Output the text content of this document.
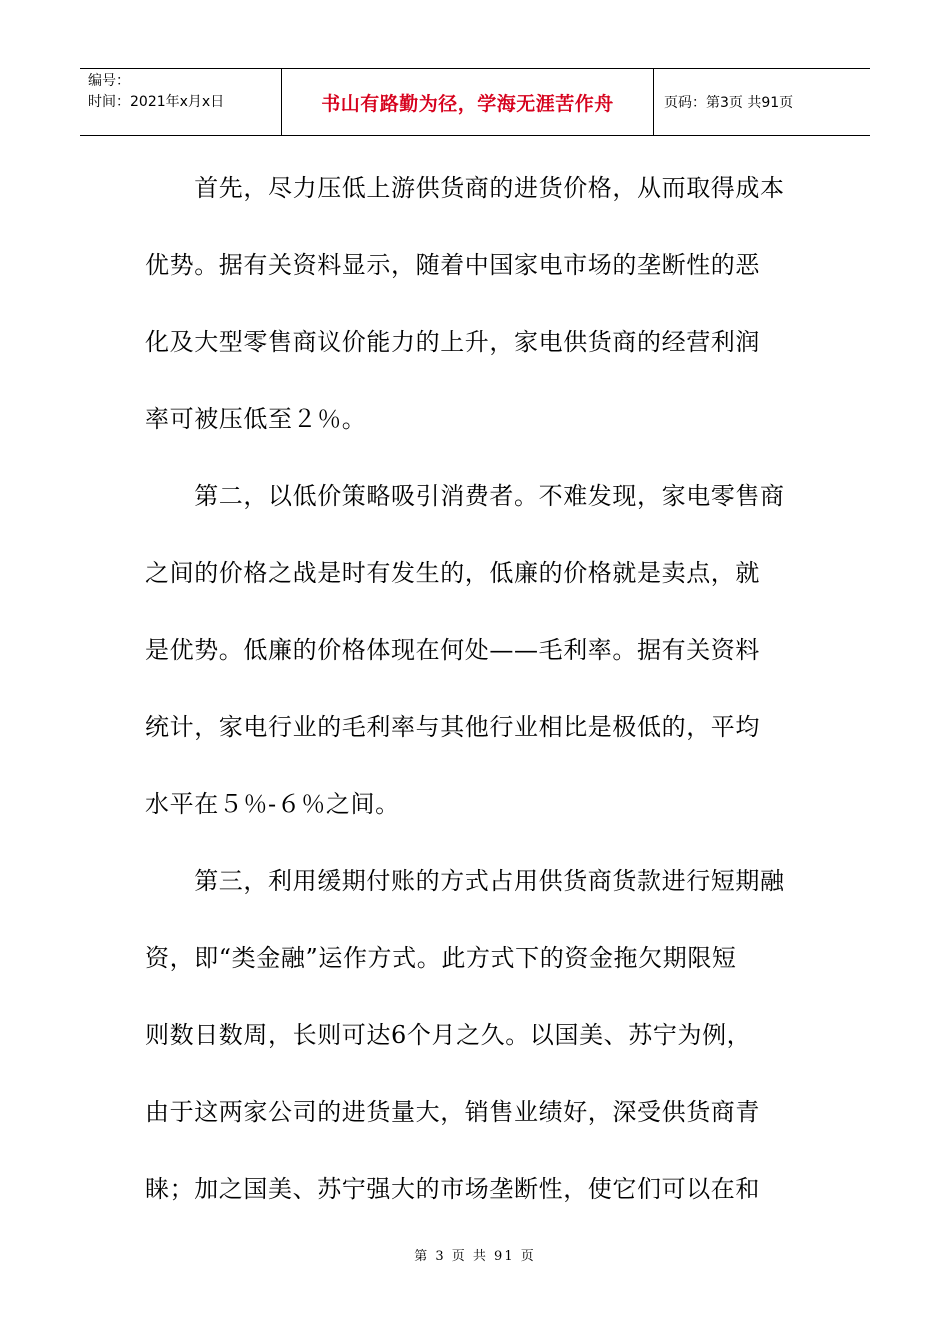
编号：
时间：2021年x月x日	书山有路勤为径，学海无涯苦作舟	页码：第3页 共91页

　　首先，尽力压低上游供货商的进货价格，从而取得成本

优势。据有关资料显示，随着中国家电市场的垄断性的恶

化及大型零售商议价能力的上升，家电供货商的经营利润

率可被压低至２％。

　　第二，以低价策略吸引消费者。不难发现，家电零售商

之间的价格之战是时有发生的，低廉的价格就是卖点，就

是优势。低廉的价格体现在何处——毛利率。据有关资料

统计，家电行业的毛利率与其他行业相比是极低的，平均

水平在５％-６％之间。

　　第三，利用缓期付账的方式占用供货商货款进行短期融

资，即“类金融”运作方式。此方式下的资金拖欠期限短

则数日数周，长则可达6个月之久。以国美、苏宁为例，

由于这两家公司的进货量大，销售业绩好，深受供货商青

睐；加之国美、苏宁强大的市场垄断性，使它们可以在和

第 3 页 共 91 页
